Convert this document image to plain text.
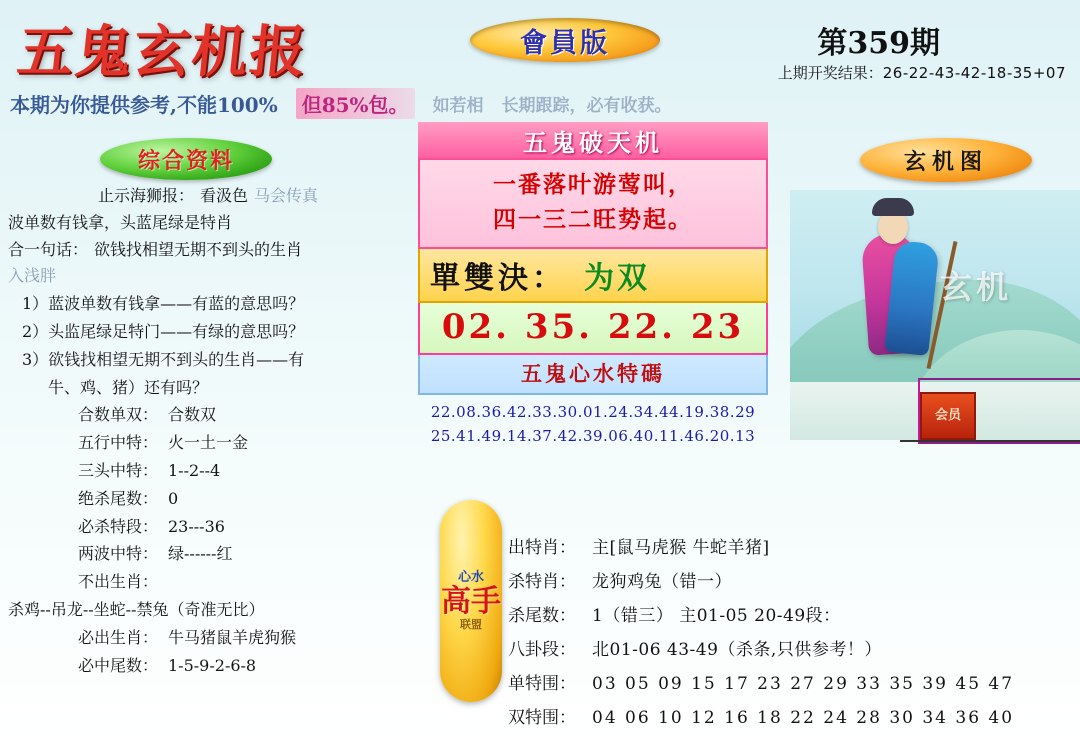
五鬼玄机报	會員版	第359期
上期开奖结果：26-22-43-42-18-35+07
本期为你提供参考,不能100%	但85%包。	如若相 长期跟踪，必有收获。
综合资料
止示海狮报： 看汲色 马会传真
波单数有钱拿，头蓝尾绿是特肖
合一句话： 欲钱找相望无期不到头的生肖
入浅胖
1）蓝波单数有钱拿——有蓝的意思吗？
2）头监尾绿足特门——有绿的意思吗？
3）欲钱找相望无期不到头的生肖——有
牛、鸡、猪）还有吗？
合数单双： 合数双
五行中特： 火一土一金
三头中特： 1--2--4
绝杀尾数： 0
必杀特段： 23---36
两波中特： 绿------红
不出生肖：
杀鸡--吊龙--坐蛇--禁兔（奇准无比）
必出生肖： 牛马猪鼠羊虎狗猴
必中尾数： 1-5-9-2-6-8
五鬼破天机
一番落叶游莺叫，
四一三二旺势起。
單雙決： 为双
02. 35. 22. 23
五鬼心水特碼
22.08.36.42.33.30.01.24.34.44.19.38.29
25.41.49.14.37.42.39.06.40.11.46.20.13
玄机图
玄机
会员
心水
高手
联盟
出特肖： 主[鼠马虎猴 牛蛇羊猪]
杀特肖： 龙狗鸡兔（错一）
杀尾数： 1（错三） 主01-05 20-49段：
八卦段： 北01-06 43-49（杀条,只供参考！）
单特围： 03 05 09 15 17 23 27 29 33 35 39 45 47
双特围： 04 06 10 12 16 18 22 24 28 30 34 36 40
